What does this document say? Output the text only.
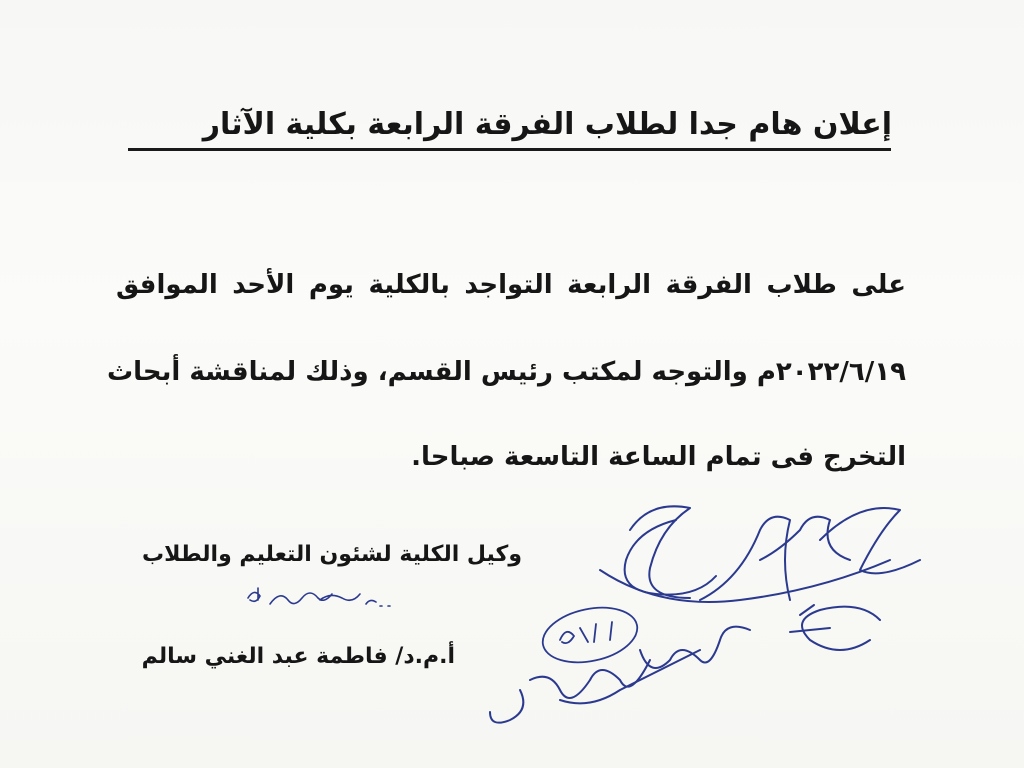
إعلان هام جدا لطلاب الفرقة الرابعة بكلية الآثار
على طلاب الفرقة الرابعة التواجد بالكلية يوم الأحد الموافق
٢٠٢٢/٦/١٩م والتوجه لمكتب رئيس القسم، وذلك لمناقشة أبحاث
التخرج فى تمام الساعة التاسعة صباحا.
وكيل الكلية لشئون التعليم والطلاب
أ.م.د/ فاطمة عبد الغني سالم
